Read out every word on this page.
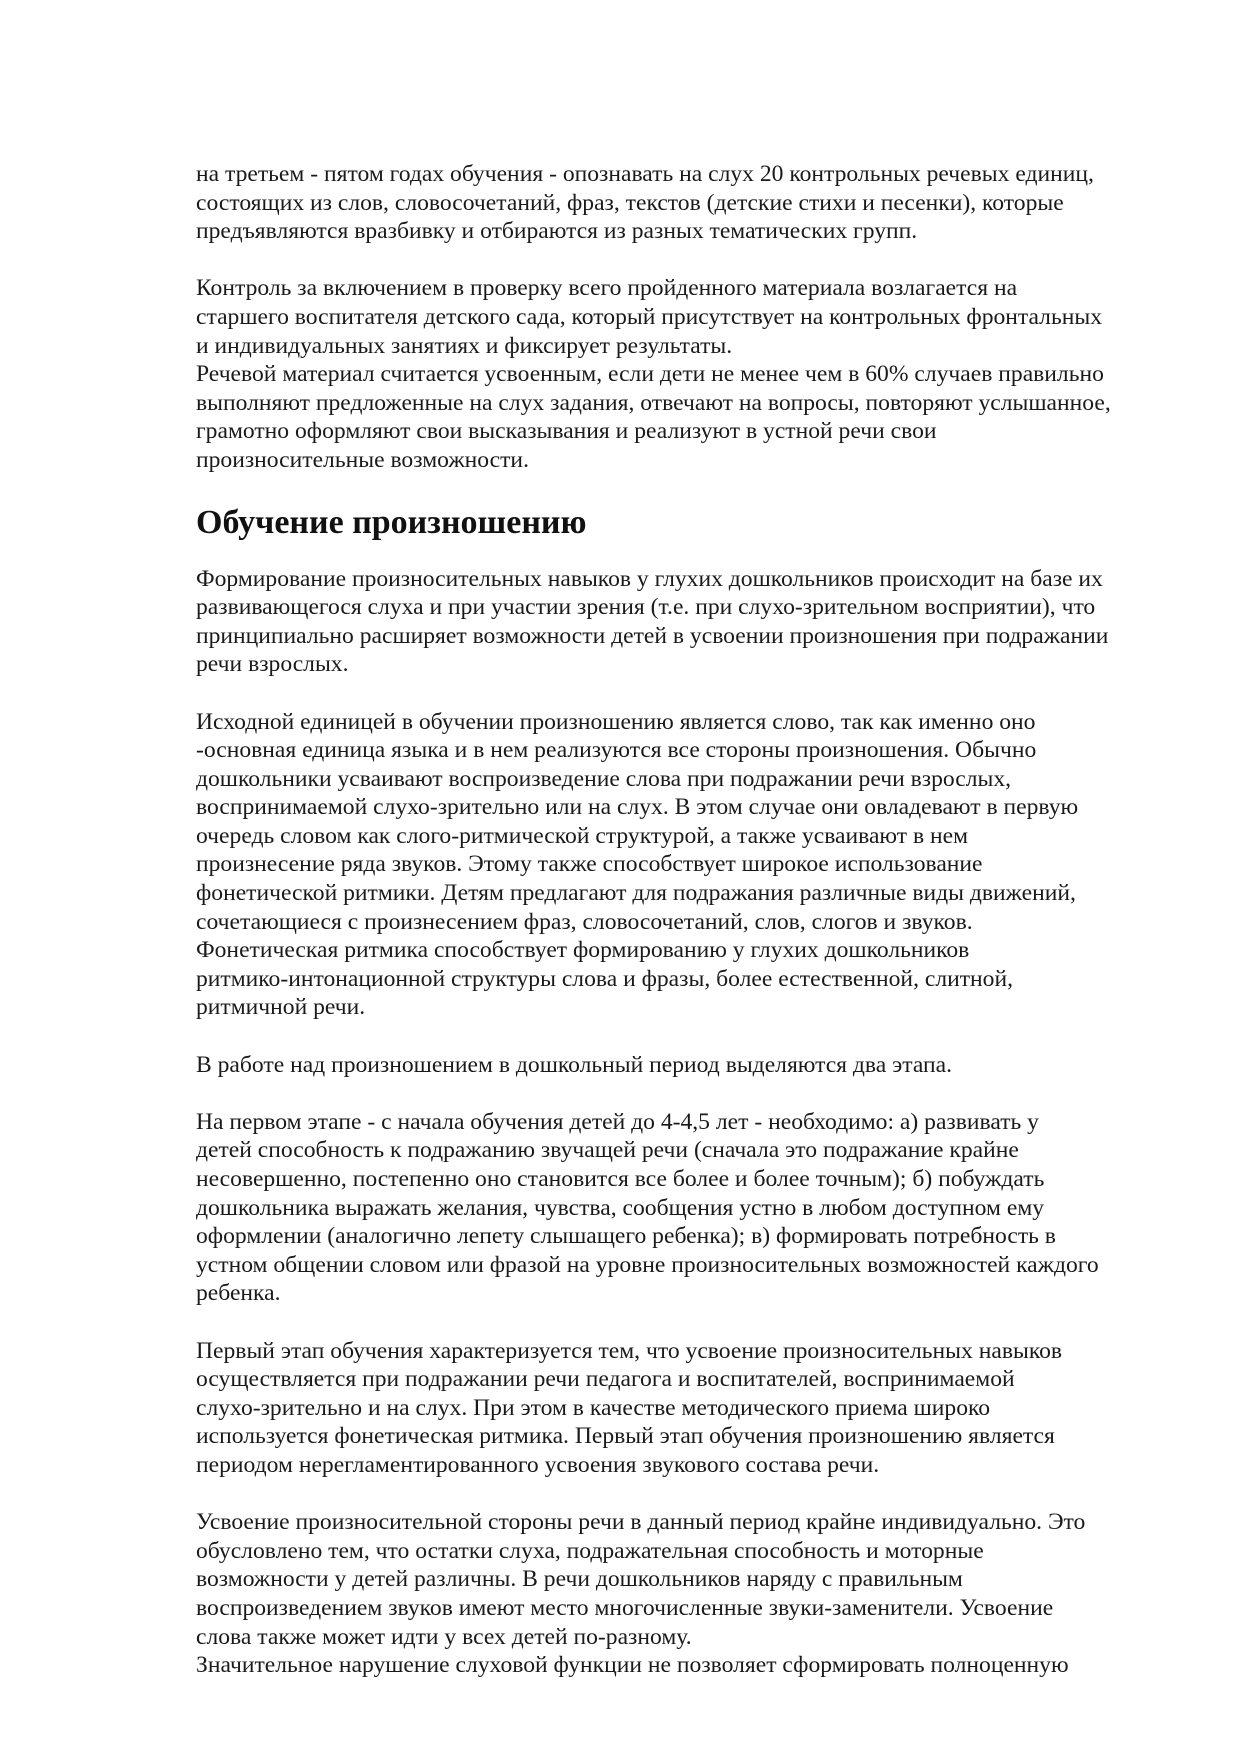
на третьем - пятом годах обучения - опознавать на слух 20 контрольных речевых единиц,
состоящих из слов, словосочетаний, фраз, текстов (детские стихи и песенки), которые
предъявляются вразбивку и отбираются из разных тематических групп.
Контроль за включением в проверку всего пройденного материала возлагается на
старшего воспитателя детского сада, который присутствует на контрольных фронтальных
и индивидуальных занятиях и фиксирует результаты.
Речевой материал считается усвоенным, если дети не менее чем в 60% случаев правильно
выполняют предложенные на слух задания, отвечают на вопросы, повторяют услышанное,
грамотно оформляют свои высказывания и реализуют в устной речи свои
произносительные возможности.
Обучение произношению
Формирование произносительных навыков у глухих дошкольников происходит на базе их
развивающегося слуха и при участии зрения (т.е. при слухо-зрительном восприятии), что
принципиально расширяет возможности детей в усвоении произношения при подражании
речи взрослых.
Исходной единицей в обучении произношению является слово, так как именно оно
-основная единица языка и в нем реализуются все стороны произношения. Обычно
дошкольники усваивают воспроизведение слова при подражании речи взрослых,
воспринимаемой слухо-зрительно или на слух. В этом случае они овладевают в первую
очередь словом как слого-ритмической структурой, а также усваивают в нем
произнесение ряда звуков. Этому также способствует широкое использование
фонетической ритмики. Детям предлагают для подражания различные виды движений,
сочетающиеся с произнесением фраз, словосочетаний, слов, слогов и звуков.
Фонетическая ритмика способствует формированию у глухих дошкольников
ритмико-интонационной структуры слова и фразы, более естественной, слитной,
ритмичной речи.
В работе над произношением в дошкольный период выделяются два этапа.
На первом этапе - с начала обучения детей до 4-4,5 лет - необходимо: а) развивать у
детей способность к подражанию звучащей речи (сначала это подражание крайне
несовершенно, постепенно оно становится все более и более точным); б) побуждать
дошкольника выражать желания, чувства, сообщения устно в любом доступном ему
оформлении (аналогично лепету слышащего ребенка); в) формировать потребность в
устном общении словом или фразой на уровне произносительных возможностей каждого
ребенка.
Первый этап обучения характеризуется тем, что усвоение произносительных навыков
осуществляется при подражании речи педагога и воспитателей, воспринимаемой
слухо-зрительно и на слух. При этом в качестве методического приема широко
используется фонетическая ритмика. Первый этап обучения произношению является
периодом нерегламентированного усвоения звукового состава речи.
Усвоение произносительной стороны речи в данный период крайне индивидуально. Это
обусловлено тем, что остатки слуха, подражательная способность и моторные
возможности у детей различны. В речи дошкольников наряду с правильным
воспроизведением звуков имеют место многочисленные звуки-заменители. Усвоение
слова также может идти у всех детей по-разному.
Значительное нарушение слуховой функции не позволяет сформировать полноценную
